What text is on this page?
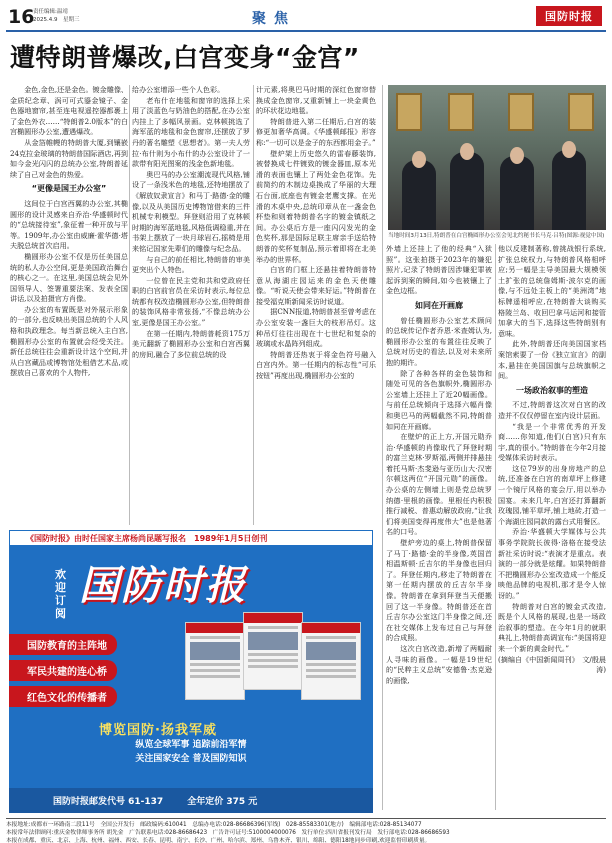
16
责任编辑:温靖
2025.4.9　星期三	聚焦	国防时报
遭特朗普爆改,白宫变身“金宫”

金色,金色,还是金色。镀金雕像、金质纪念章、涡可可式鎏金镜子、金色器地窗帘,甚至连电视遥控器都裹上了金色外衣……“特朗普2.0版本”的白宫椭圆形办公室,遭遇爆改。

从金箔帷幔的特朗普大厦,到镶嵌24克拉金玻璃的特朗普国际酒店,再到如今金光闪闪的总统办公室,特朗普延续了自己对金色的热爱。

“更像是国王办公室”

这间位于白宫西翼的办公室,其椭圆形的设计灵感来自乔治·华盛顿时代的“总统接待室”,象征着一种开放与平等。1909年,办公室由威廉·霍华德·塔夫脱总统首次启用。

椭圆形办公室不仅是历任美国总统的私人办公空间,更是美国政治舞台的核心之一。在这里,美国总统会见外国领导人、签署重要法案、发表全国讲话,以及拍摄官方肖像。

办公室的布置既是对外展示形象的一部分,也反映出美国总统的个人风格和执政理念。每当新总统入主白宫,椭圆形办公室的布置就会经受关注。新任总统往往会重新设计这个空间,并从白宫藏品或博物馆处租借艺术品,或摆放自己喜欢的个人物件,

给办公室增添一些个人色彩。

老布什在地毯和窗帘的选择上采用了淡蓝色与奶油色的搭配,在办公室内挂上了多幅风景画。克林顿挑选了海军蓝的地毯和金色窗帘,还摆放了罗丹的著名雕塑《思想者》。第一夫人劳拉·布什则为小布什的办公室设计了一款带有阳光图案的浅金色新地毯。

奥巴马的办公室潮流现代风格,铺设了一条浅米色的地毯,还特地摆放了《解放奴隶宣言》和马丁·路德·金的雕像,以及从美国历史博物馆借来的三件机械专利模型。拜登则沿用了克林顿时期的海军蓝地毯,风格低调稳重,并在书架上摆放了一块月球岩石,摇椅是用来铭记国家先辈们的雕像与纪念品。

与自己的前任相比,特朗普的审美更突出个人特色。

一位曾在民主党和共和党政府任职的白宫前官员在采访时表示,每位总统都有权改造椭圆形办公室,但特朗普的装饰风格非常张扬,“不像总统办公室,更像是国王办公室。”

在第一任期内,特朗普耗资175万美元翻新了椭圆形办公室和白宫西翼的房间,融合了多位前总统的设

计元素,将奥巴马时期的深红色窗帘替换成金色窗帘,又重新铺上一块金黄色的环状花边地毯。

特朗普进入第二任期后,白宫的装修更加奢华高调。《华盛顿邮报》形容称:“一切可以是金子的东西都用金子。”

壁炉架上历史悠久的雷春藤装饰,被替换成七件镀致的镀金器皿,原本光滑的表面也镶上了两处金色花饰。先前简约的木制边桌换成了华丽的大理石台面,底座也有镀金老鹰支撑。在光滑的木桌中央,总统印章从在一盏金色杯垫和则着特朗普名字的镀金镇纸之间。办公桌后方是一座闪闪发光的金色奖杯,那是国际足联主席亲手送给特朗普的奖杯复制品,预示着即将在北美举办的世界杯。

白宫的门框上还悬挂着特朗普特意从海湖庄园运来的金色天使雕像。“听说天使会带来好运。”特朗普在接受福克斯新闻采访时说道。

据CNN报道,特朗普甚至曾考虑在办公室安装一盏巨大的枝形吊灯。这种吊灯往往出现在十七世纪和复杂的玻璃或水晶阵列组成。

特朗普还热衷于将金色符号融入白宫内外。第一任期内的标志性“可乐按钮”再度出现,椭圆形办公室的

外墙上还挂上了他的经典“入狱照”。这张拍摄于2023年的嫌犯照片,记录了特朗普因涉嫌犯罪被起诉到案的瞬间,如今也被镶上了金色边框。

如同在开画廊

曾任椭圆形办公室艺术顾问的总统传记作者乔恩·米查姆认为,椭圆形办公室的布置往往反映了总统对历史的看法,以及对未来所抱的期许。

除了各种各样的金色装饰和随处可见的各色旗帜外,椭圆形办公室墙上还挂上了近20幅画像。与前任总统倾向于选择六幅肖像和奥巴马的两幅截然不同,特朗普如同在开画廊。

在壁炉的正上方,开国元勋乔治·华盛顿的肖像取代了拜登时期的富兰克林·罗斯福,两侧并排悬挂着托马斯·杰斐逊与亚历山大·汉密尔顿这两位“开国元勋”的画像。办公桌的左侧墙上则是党总统罗纳德·里根的画像。里根任内积极推行减税、普惠动解放政府,“让我们将美国变得再度伟大”也是他著名的口号。

壁炉旁边的桌上,特朗普保留了马丁·路德·金的半身像,英国首相温斯顿·丘吉尔的半身像也回归了。拜登任期内,移走了特朗普在第一任期内摆放的丘吉尔半身像。特朗普在拿到拜登当天便搬回了这一半身像。特朗普还在首丘吉尔办公室这门半身像之间,还在社交媒体上发布过自己与拜登的合成照。

这次白宫改造,新增了两幅耐人寻味的画像。一幅是19世纪的“民粹主义总统”安德鲁·杰克逊的画像,

他以反建制著称,曾挑战银行系统,扩张总统权力,与特朗普风格相呼应;另一幅是主导美国最大规模领土扩张的总统詹姆斯·波尔克的画像,与不远处主板上的“美洲湾”地标牌遥相呼应,在特朗普大谈购买格陵兰岛、收回巴拿马运河和接管加拿大的当下,选择这些特朗别有意味。

此外,特朗普还向美国国家档案馆索要了一份《独立宣言》的副本,悬挂在美国国旗与总统旗帜之间。

一场政治叙事的塑造

不过,特朗普这次对白宫的改造并不仅仅停留在室内设计层面。

“我是一个非常优秀的开发商……你知道,他们(白宫)只有东宇,真的很小。”特朗普在今年2月接受媒体采访时表示。

这位79岁的出身房地产的总统,还准备在白宫的南草坪上修建一个镜厅风格的宴会厅,用以举办国宴。未来几年,白宫还打算翻新玫瑰园,铺平草坪,铺上地砖,打造一个海湖庄园同款的露台式用餐区。

乔治·华盛顿大学媒体与公共事务学院院长彼得·洛格在接受法新社采访时说:“表演才是重点。表演的一部分就是炫耀。如果特朗普不把椭圆形办公室改造成一个能反映他品牌的电视机,那才是令人惊讶的。”

特朗普对白宫的镀金式改造,既是个人风格的展现,也是一场政治叙事的塑造。在今年1月的就职典礼上,特朗普高调宣布:“美国将迎来一个新的黄金时代。”

(摘编自《中国新闻周刊》　文/殷晨涛)

当地时间3月13日,特朗普在白宫椭圆形办公室会见北约秘书长马克·吕特(图源:视觉中国)
《国防时报》由时任国家主席杨尚昆题写报名　1989年1月5日创刊
欢迎订阅
国防时报
国防教育的主阵地
军民共建的连心桥
红色文化的传播者
博览国防·扬我军威
纵览全球军事 追踪前沿军情
关注国家安全 普及国防知识
国防时报邮发代号 61-137	全年定价 375 元
本报地址:成都市一环路南二段11号　全国公开发行　邮政编码:610041　总编办电话:028-86686396(军线)　028-85583301(地方)　编辑部电话:028-85134077
本报常年法律顾问:重庆金牧律师事务所 胡先金　广告联系电话:028-86686423　广告许可证号:5100004000076　发行单位:四川省报刊发行局　发行部电话:028-86686593
本报在成都、重庆、北京、上海、杭州、福州、西安、长春、昆明、南宁、长沙、广州、哈尔滨、郑州、乌鲁木齐、银川、绵阳、德阳18地同步印刷,欢迎监督印刷质量。
